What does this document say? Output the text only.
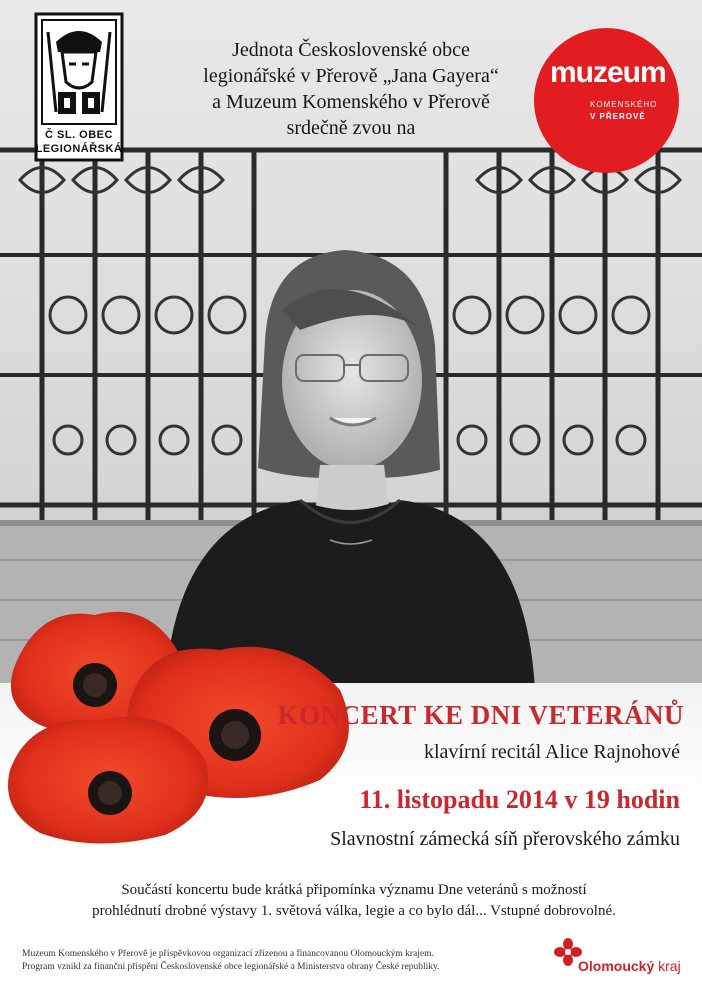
Č SL. OBEC
LEGIONÁŘSKÁ
Jednota Československé obce
legionářské v Přerově „Jana Gayera“
a Muzeum Komenského v Přerově
srdečně zvou na
muzeum
KOMENSKÉHO
V PŘEROVĚ
KONCERT KE DNI VETERÁNŮ
klavírní recitál Alice Rajnohové
11. listopadu 2014 v 19 hodin
Slavnostní zámecká síň přerovského zámku
Součástí koncertu bude krátká připomínka významu Dne veteránů s možností
prohlédnutí drobné výstavy 1. světová válka, legie a co bylo dál... Vstupné dobrovolné.
Muzeum Komenského v Přerově je příspěvkovou organizací zřízenou a financovanou Olomouckým krajem.
Program vznikl za finanční přispění Československé obce legionářské a Ministerstva obrany České republiky.	Olomoucký kraj
